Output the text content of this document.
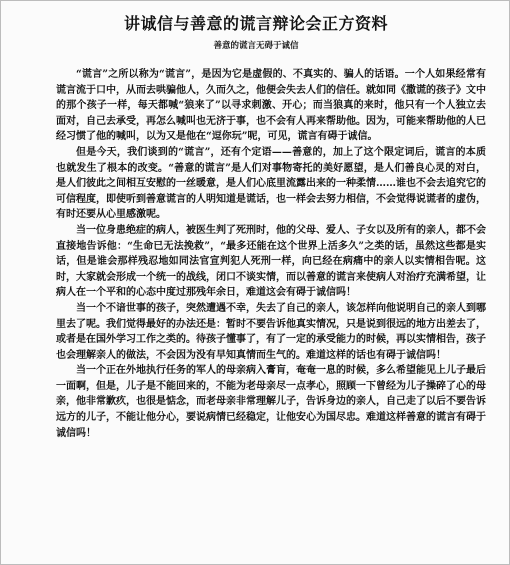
讲诚信与善意的谎言辩论会正方资料
善意的谎言无碍于诚信

“谎言”之所以称为“谎言”，是因为它是虚假的、不真实的、骗人的话语。一个人如果经常有谎言流于口中，从而去哄骗他人，久而久之，他便会失去人们的信任。就如同《撒谎的孩子》文中的那个孩子一样，每天都喊“狼来了”以寻求刺激、开心；而当狼真的来时，他只有一个人独立去面对，自己去承受，再怎么喊叫也无济于事，也不会有人再来帮助他。因为，可能来帮助他的人已经习惯了他的喊叫，以为又是他在“逗你玩”呢，可见，谎言有碍于诚信。

但是今天，我们谈到的“谎言”，还有个定语——善意的，加上了这个限定词后，谎言的本质也就发生了根本的改变。“善意的谎言”是人们对事物寄托的美好愿望，是人们善良心灵的对白，是人们彼此之间相互安慰的一丝暖意，是人们心底里流露出来的一种柔情……谁也不会去追究它的可信程度，即使听到善意谎言的人明知道是谎话，也一样会去努力相信，不会觉得说谎者的虚伪，有时还要从心里感激呢。

当一位身患绝症的病人，被医生判了死刑时，他的父母、爱人、子女以及所有的亲人，都不会直接地告诉他：“生命已无法挽救”，“最多还能在这个世界上活多久”之类的话，虽然这些都是实话，但是谁会那样残忍地如同法官宣判犯人死刑一样，向已经在病痛中的亲人以实情相告呢。这时，大家就会形成一个统一的战线，闭口不谈实情，而以善意的谎言来使病人对治疗充满希望，让病人在一个平和的心态中度过那残年余日，难道这会有碍于诚信吗！

当一个不谙世事的孩子，突然遭遇不幸，失去了自己的亲人，该怎样向他说明自己的亲人到哪里去了呢。我们觉得最好的办法还是：暂时不要告诉他真实情况，只是说到很远的地方出差去了，或者是在国外学习工作之类的。待孩子懂事了，有了一定的承受能力的时候，再以实情相告，孩子也会理解亲人的做法，不会因为没有早知真情而生气的。难道这样的话也有碍于诚信吗！

当一个正在外地执行任务的军人的母亲病入膏肓，奄奄一息的时候，多么希望能见上儿子最后一面啊，但是，儿子是不能回来的，不能为老母亲尽一点孝心，照顾一下曾经为儿子操碎了心的母亲，他非常歉疚，也很是惦念，而老母亲非常理解儿子，告诉身边的亲人，自己走了以后不要告诉远方的儿子，不能让他分心，要说病情已经稳定，让他安心为国尽忠。难道这样善意的谎言有碍于诚信吗！
